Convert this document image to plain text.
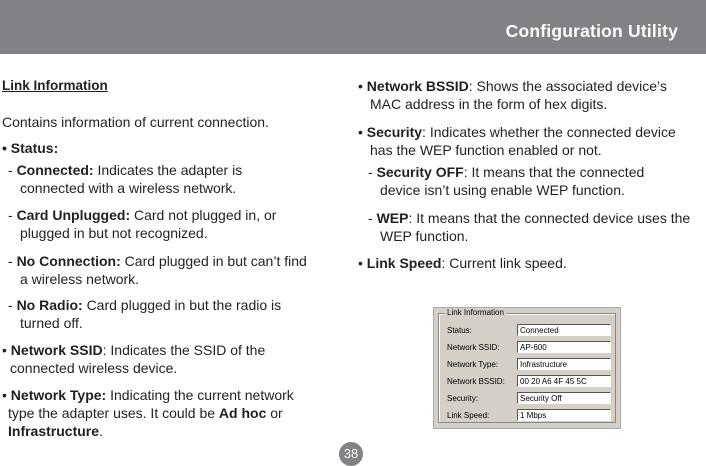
Configuration Utility

Link Information

Contains information of current connection.

• Status:

- Connected: Indicates the adapter is

connected with a wireless network.

- Card Unplugged: Card not plugged in, or

plugged in but not recognized.

- No Connection: Card plugged in but can’t find

a wireless network.

- No Radio: Card plugged in but the radio is

turned off.

• Network SSID: Indicates the SSID of the

connected wireless device.

• Network Type: Indicating the current network

type the adapter uses. It could be Ad hoc or

Infrastructure.

• Network BSSID: Shows the associated device’s

MAC address in the form of hex digits.

• Security: Indicates whether the connected device

has the WEP function enabled or not.

- Security OFF: It means that the connected

device isn’t using enable WEP function.

- WEP: It means that the connected device uses the

WEP function.

• Link Speed: Current link speed.

Link Information
Status:	Connected
Network SSID:	AP-600
Network Type:	Infrastructure
Network BSSID:	00 20 A6 4F 45 5C
Security:	Security Off
Link Speed:	1 Mbps
38
